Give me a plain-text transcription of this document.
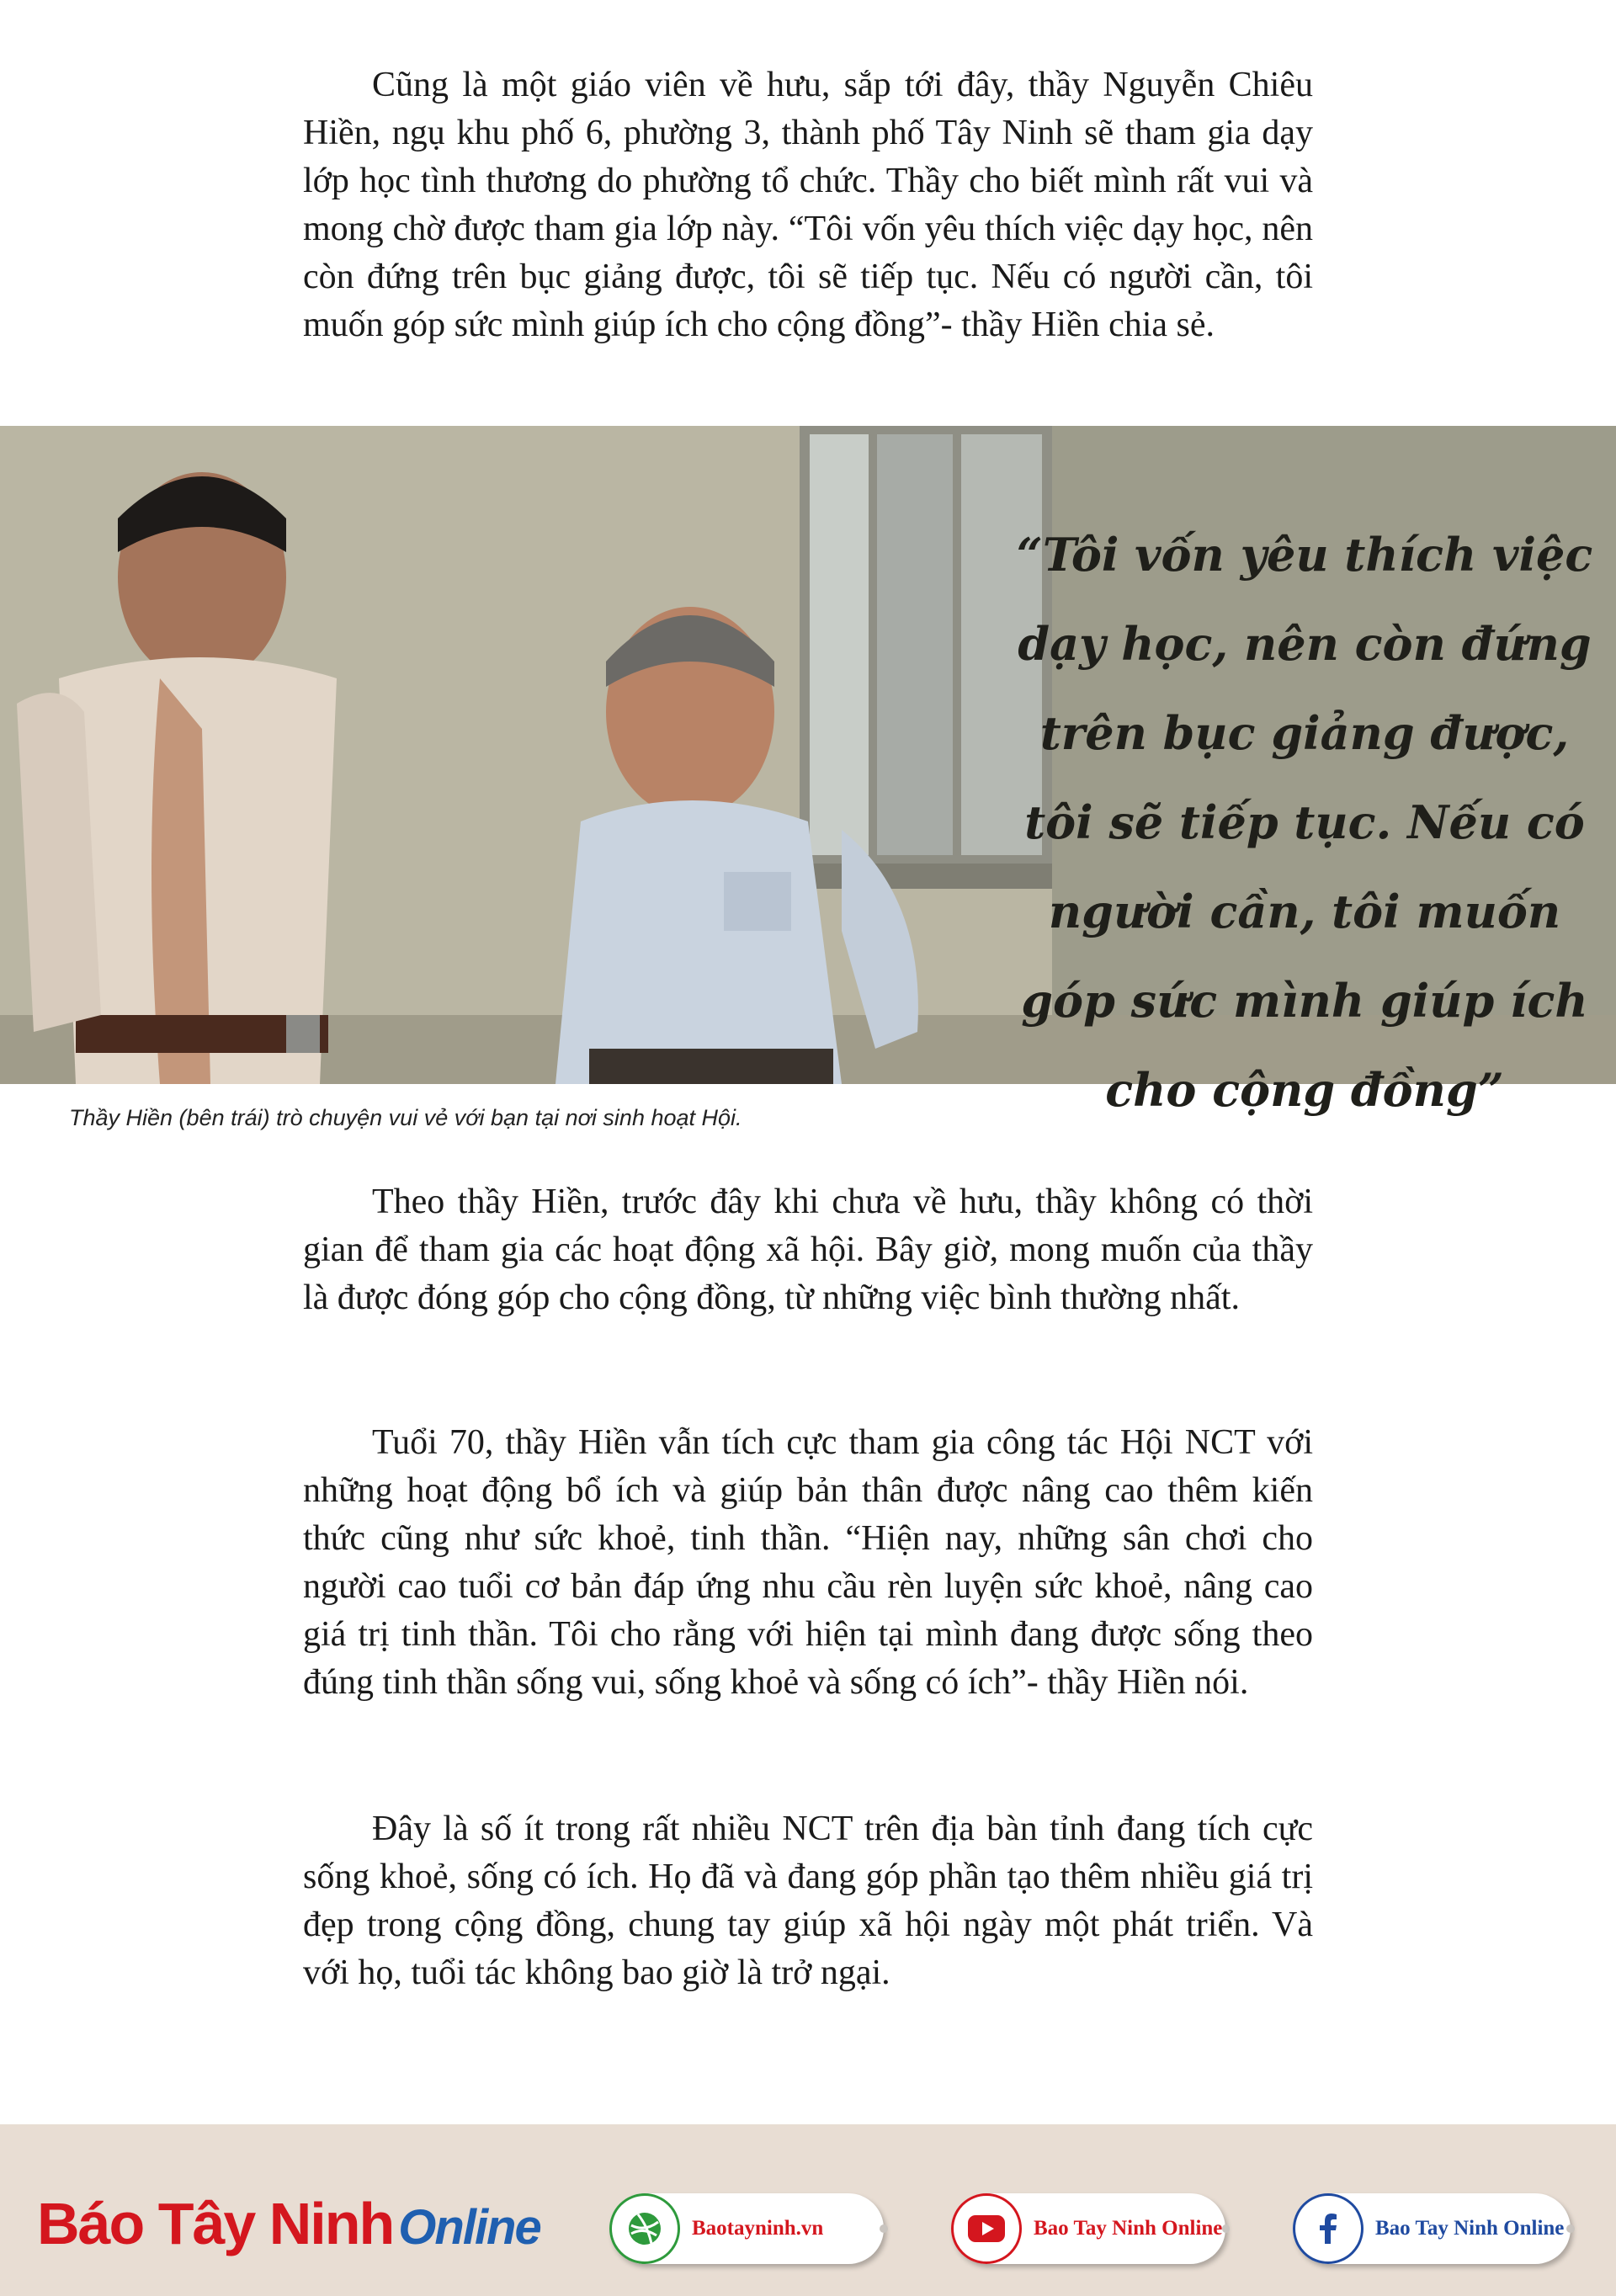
Cũng là một giáo viên về hưu, sắp tới đây, thầy Nguyễn Chiêu Hiền, ngụ khu phố 6, phường 3, thành phố Tây Ninh sẽ tham gia dạy lớp học tình thương do phường tổ chức. Thầy cho biết mình rất vui và mong chờ được tham gia lớp này. “Tôi vốn yêu thích việc dạy học, nên còn đứng trên bục giảng được, tôi sẽ tiếp tục. Nếu có người cần, tôi muốn góp sức mình giúp ích cho cộng đồng”- thầy Hiền chia sẻ.

“Tôi vốn yêu thích việc dạy học, nên còn đứng trên bục giảng được, tôi sẽ tiếp tục. Nếu có người cần, tôi muốn góp sức mình giúp ích cho cộng đồng”

Thầy Hiền (bên trái) trò chuyện vui vẻ với bạn tại nơi sinh hoạt Hội.

Theo thầy Hiền, trước đây khi chưa về hưu, thầy không có thời gian để tham gia các hoạt động xã hội. Bây giờ, mong muốn của thầy là được đóng góp cho cộng đồng, từ những việc bình thường nhất.

Tuổi 70, thầy Hiền vẫn tích cực tham gia công tác Hội NCT với những hoạt động bổ ích và giúp bản thân được nâng cao thêm kiến thức cũng như sức khoẻ, tinh thần. “Hiện nay, những sân chơi cho người cao tuổi cơ bản đáp ứng nhu cầu rèn luyện sức khoẻ, nâng cao giá trị tinh thần. Tôi cho rằng với hiện tại mình đang được sống theo đúng tinh thần sống vui, sống khoẻ và sống có ích”- thầy Hiền nói.

Đây là số ít trong rất nhiều NCT trên địa bàn tỉnh đang tích cực sống khoẻ, sống có ích. Họ đã và đang góp phần tạo thêm nhiều giá trị đẹp trong cộng đồng, chung tay giúp xã hội ngày một phát triển. Và với họ, tuổi tác không bao giờ là trở ngại.

Báo Tây Ninh Online	Baotayninh.vn	Bao Tay Ninh Online	Bao Tay Ninh Online
